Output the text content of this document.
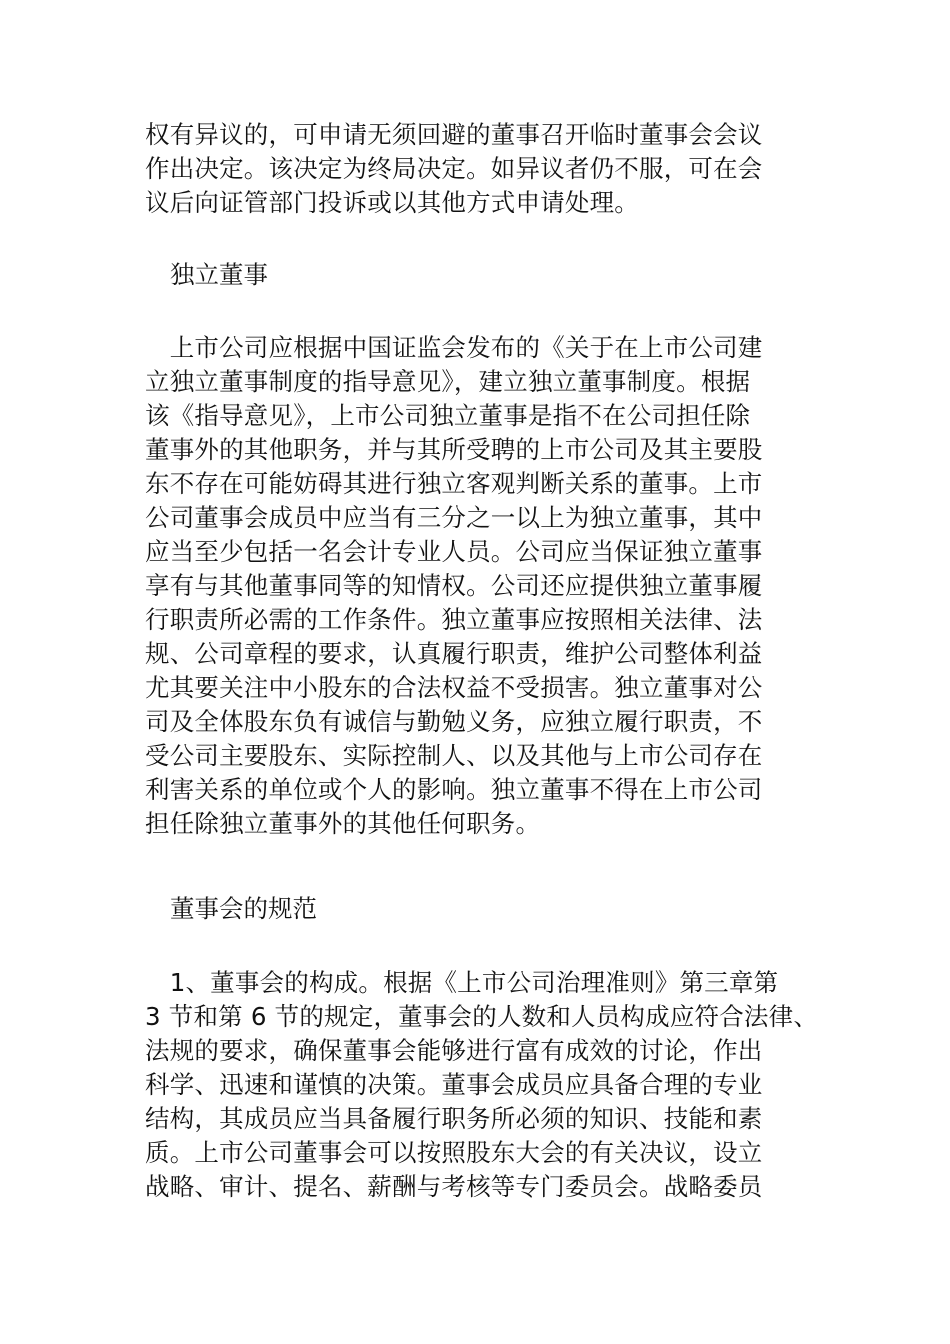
权有异议的，可申请无须回避的董事召开临时董事会会议
作出决定。该决定为终局决定。如异议者仍不服，可在会
议后向证管部门投诉或以其他方式申请处理。
独立董事
　上市公司应根据中国证监会发布的《关于在上市公司建
立独立董事制度的指导意见》，建立独立董事制度。根据
该《指导意见》，上市公司独立董事是指不在公司担任除
董事外的其他职务，并与其所受聘的上市公司及其主要股
东不存在可能妨碍其进行独立客观判断关系的董事。上市
公司董事会成员中应当有三分之一以上为独立董事，其中
应当至少包括一名会计专业人员。公司应当保证独立董事
享有与其他董事同等的知情权。公司还应提供独立董事履
行职责所必需的工作条件。独立董事应按照相关法律、法
规、公司章程的要求，认真履行职责，维护公司整体利益
尤其要关注中小股东的合法权益不受损害。独立董事对公
司及全体股东负有诚信与勤勉义务，应独立履行职责，不
受公司主要股东、实际控制人、以及其他与上市公司存在
利害关系的单位或个人的影响。独立董事不得在上市公司
担任除独立董事外的其他任何职务。
董事会的规范
　1、董事会的构成。根据《上市公司治理准则》第三章第
3 节和第 6 节的规定，董事会的人数和人员构成应符合法律、
法规的要求，确保董事会能够进行富有成效的讨论，作出
科学、迅速和谨慎的决策。董事会成员应具备合理的专业
结构，其成员应当具备履行职务所必须的知识、技能和素
质。上市公司董事会可以按照股东大会的有关决议，设立
战略、审计、提名、薪酬与考核等专门委员会。战略委员
